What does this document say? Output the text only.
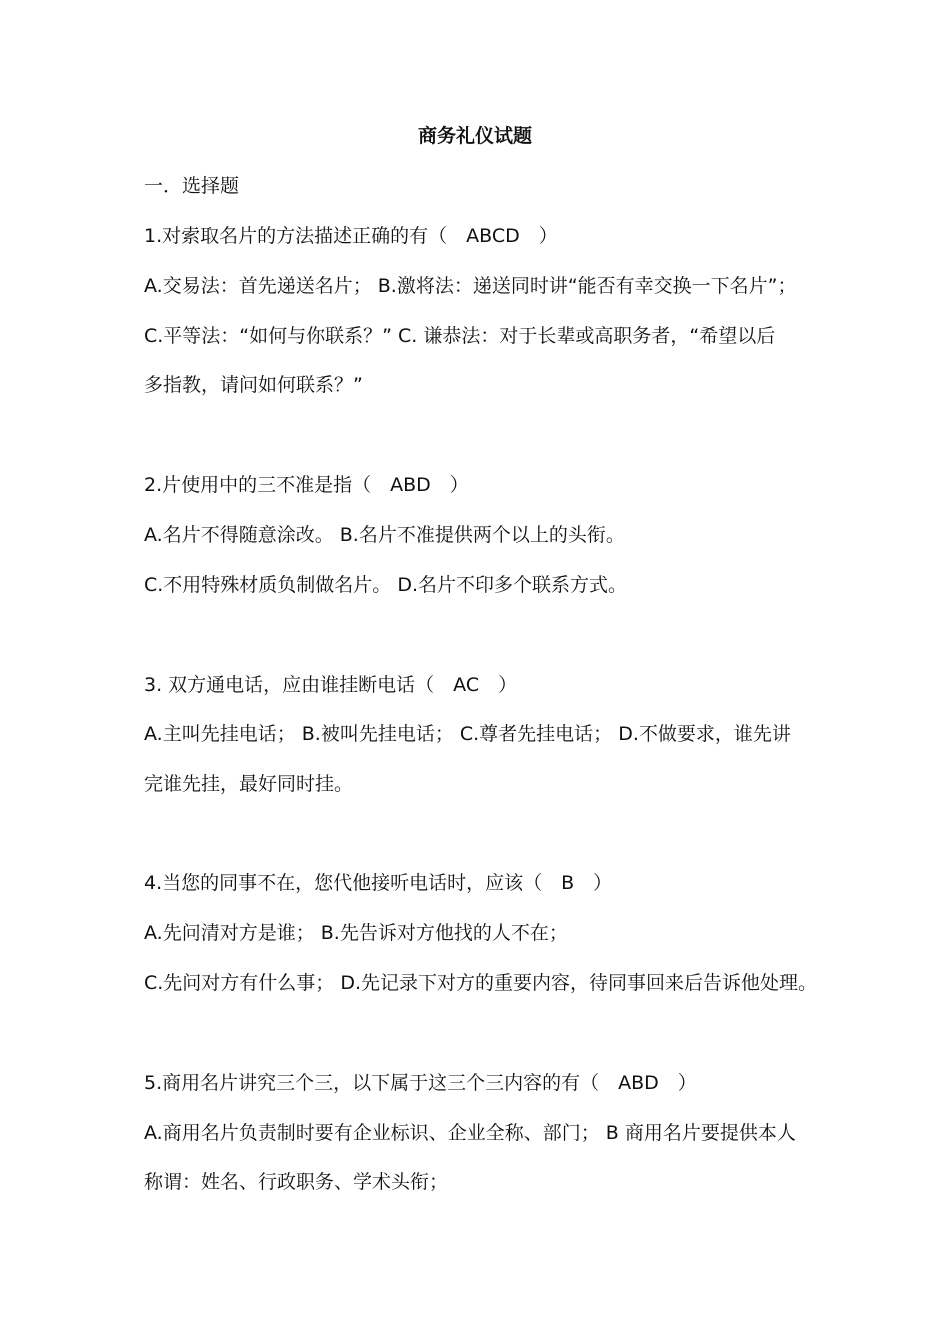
商务礼仪试题
一．选择题
1.对索取名片的方法描述正确的有（　ABCD　）
A.交易法：首先递送名片； B.激将法：递送同时讲“能否有幸交换一下名片”；
C.平等法：“如何与你联系？” C. 谦恭法：对于长辈或高职务者，“希望以后
多指教，请问如何联系？”
2.片使用中的三不准是指（　ABD　）
A.名片不得随意涂改。 B.名片不准提供两个以上的头衔。
C.不用特殊材质负制做名片。 D.名片不印多个联系方式。
3. 双方通电话，应由谁挂断电话（　AC　）
A.主叫先挂电话； B.被叫先挂电话； C.尊者先挂电话； D.不做要求，谁先讲
完谁先挂，最好同时挂。
4.当您的同事不在，您代他接听电话时，应该（　B　）
A.先问清对方是谁； B.先告诉对方他找的人不在；
C.先问对方有什么事； D.先记录下对方的重要内容，待同事回来后告诉他处理。
5.商用名片讲究三个三，以下属于这三个三内容的有（　ABD　）
A.商用名片负责制时要有企业标识、企业全称、部门； B 商用名片要提供本人
称谓：姓名、行政职务、学术头衔；
